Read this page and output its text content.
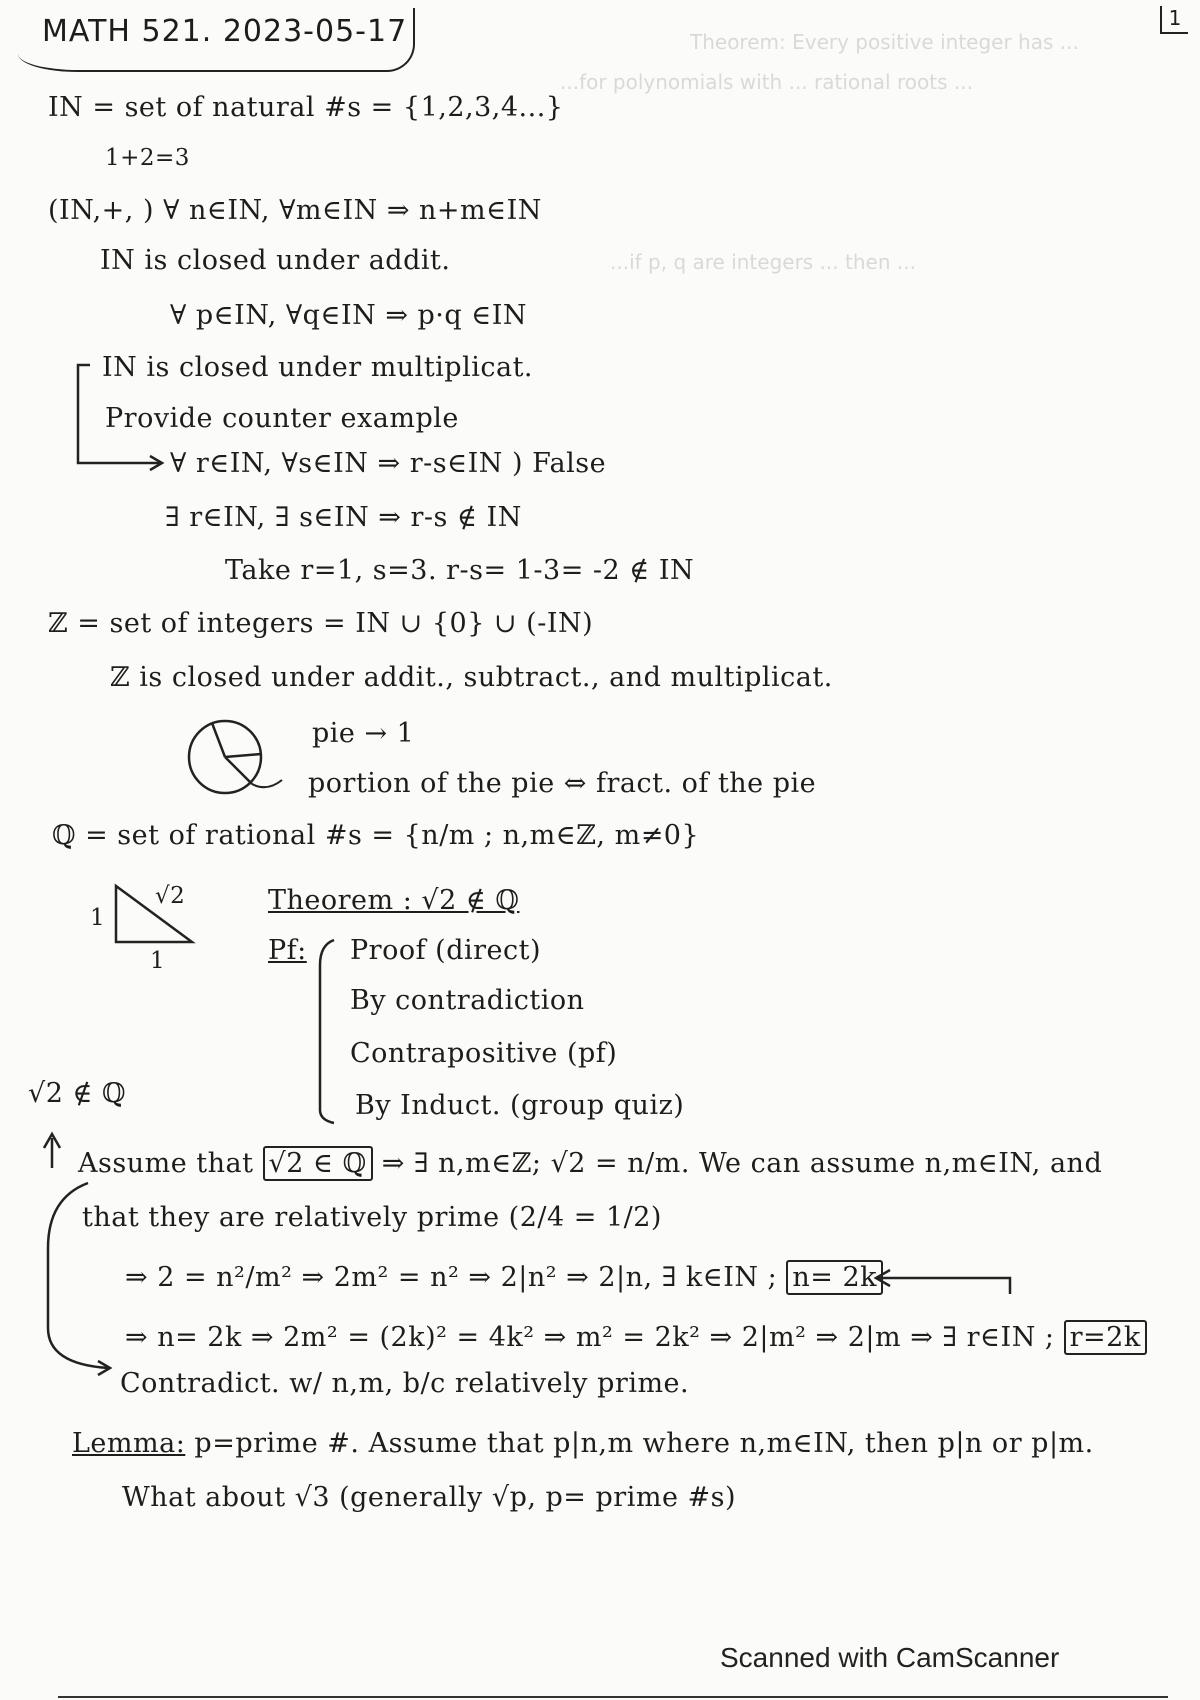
Theorem: Every positive integer has ...
...for polynomials with ... rational roots ...
...if p, q are integers ... then ...
MATH 521. 2023-05-17	1
IN = set of natural #s = {1,2,3,4...}
1+2=3
(IN,+, ) ∀ n∈IN, ∀m∈IN ⇒ n+m∈IN
IN is closed under addit.
∀ p∈IN, ∀q∈IN ⇒ p·q ∈IN
IN is closed under multiplicat.
Provide counter example
∀ r∈IN, ∀s∈IN ⇒ r-s∈IN ) False
∃ r∈IN, ∃ s∈IN ⇒ r-s ∉ IN
Take r=1, s=3. r-s= 1-3= -2 ∉ IN
ℤ = set of integers = IN ∪ {0} ∪ (-IN)
ℤ is closed under addit., subtract., and multiplicat.
pie → 1
portion of the pie ⇔ fract. of the pie
ℚ = set of rational #s = {n/m ; n,m∈ℤ, m≠0}
1
1
√2	Theorem : √2 ∉ ℚ
Pf: Proof (direct)
By contradiction
Contrapositive (pf)
By Induct. (group quiz)
√2 ∉ ℚ
Assume that √2 ∈ ℚ ⇒ ∃ n,m∈ℤ; √2 = n/m. We can assume n,m∈IN, and
that they are relatively prime (2/4 = 1/2)
⇒ 2 = n²/m² ⇒ 2m² = n² ⇒ 2|n² ⇒ 2|n, ∃ k∈IN ; n= 2k
⇒ n= 2k ⇒ 2m² = (2k)² = 4k² ⇒ m² = 2k² ⇒ 2|m² ⇒ 2|m ⇒ ∃ r∈IN ; r=2k
Contradict. w/ n,m, b/c relatively prime.
Lemma: p=prime #. Assume that p|n,m where n,m∈IN, then p|n or p|m.
What about √3 (generally √p, p= prime #s)
Scanned with CamScanner
